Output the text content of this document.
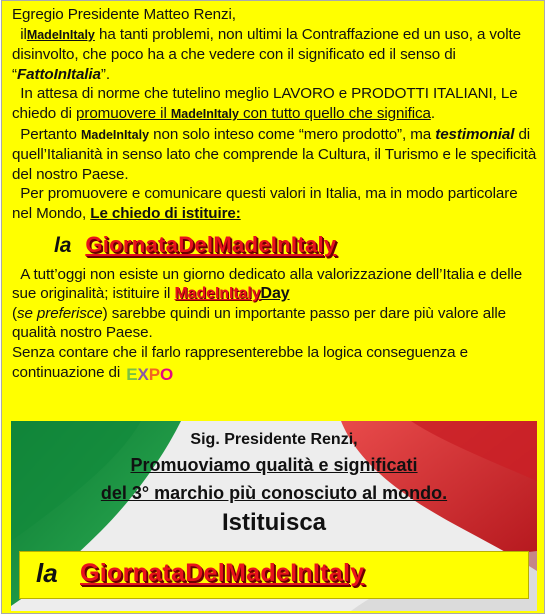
Egregio Presidente Matteo Renzi,

ilMadeInItaly ha tanti problemi, non ultimi la Contraffazione ed un uso, a volte disinvolto, che poco ha a che vedere con il significato ed il senso di “FattoInItalia”.

In attesa di norme che tutelino meglio LAVORO e PRODOTTI ITALIANI, Le chiedo di promuovere il MadeInItaly con tutto quello che significa.

Pertanto MadeInItaly non solo inteso come “mero prodotto”, ma testimonial di quell’Italianità in senso lato che comprende la Cultura, il Turismo e le specificità del nostro Paese.

Per promuovere e comunicare questi valori in Italia, ma in modo particolare nel Mondo, Le chiedo di istituire:

la GiornataDelMadeInItaly

A tutt’oggi non esiste un giorno dedicato alla valorizzazione dell’Italia e delle sue originalità; istituire il MadeInItalyDay
(se preferisce) sarebbe quindi un importante passo per dare più valore alle qualità nostro Paese.

Senza contare che il farlo rappresenterebbe la logica conseguenza e continuazione di EXPO

Sig. Presidente Renzi,
Promuoviamo qualità e significati
del 3° marchio più conosciuto al mondo.
Istituisca
la GiornataDelMadeInItaly
